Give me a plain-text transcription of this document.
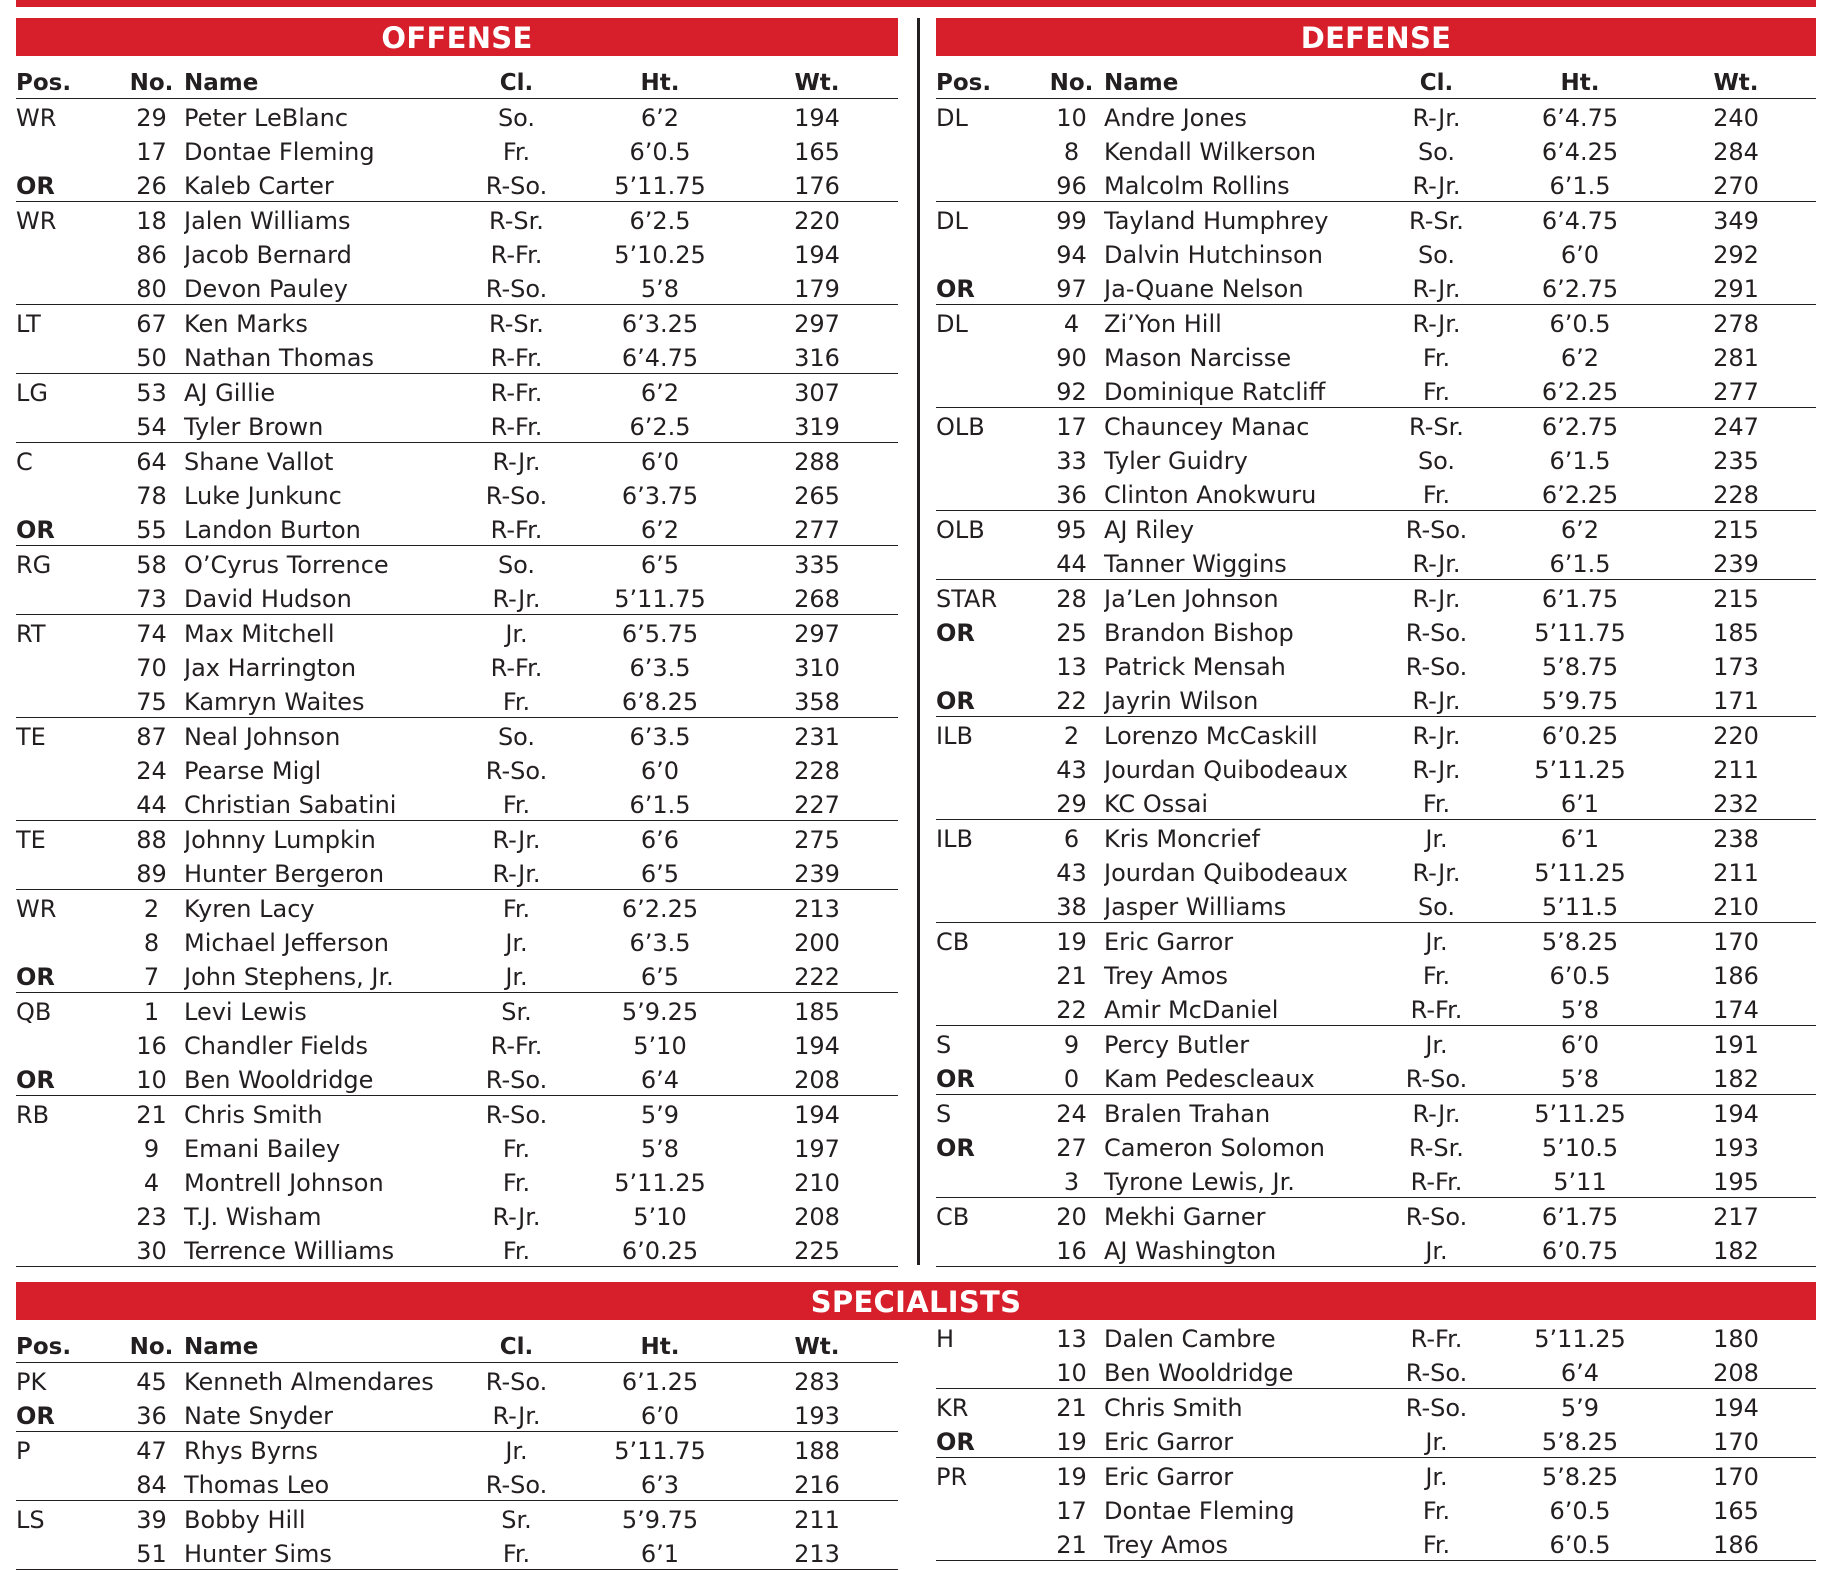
OFFENSE
Pos.	No.	Name	Cl.	Ht.	Wt.
WR	29	Peter LeBlanc	So.	6’2	194
	17	Dontae Fleming	Fr.	6’0.5	165
OR	26	Kaleb Carter	R-So.	5’11.75	176
WR	18	Jalen Williams	R-Sr.	6’2.5	220
	86	Jacob Bernard	R-Fr.	5’10.25	194
	80	Devon Pauley	R-So.	5’8	179
LT	67	Ken Marks	R-Sr.	6’3.25	297
	50	Nathan Thomas	R-Fr.	6’4.75	316
LG	53	AJ Gillie	R-Fr.	6’2	307
	54	Tyler Brown	R-Fr.	6’2.5	319
C	64	Shane Vallot	R-Jr.	6’0	288
	78	Luke Junkunc	R-So.	6’3.75	265
OR	55	Landon Burton	R-Fr.	6’2	277
RG	58	O’Cyrus Torrence	So.	6’5	335
	73	David Hudson	R-Jr.	5’11.75	268
RT	74	Max Mitchell	Jr.	6’5.75	297
	70	Jax Harrington	R-Fr.	6’3.5	310
	75	Kamryn Waites	Fr.	6’8.25	358
TE	87	Neal Johnson	So.	6’3.5	231
	24	Pearse Migl	R-So.	6’0	228
	44	Christian Sabatini	Fr.	6’1.5	227
TE	88	Johnny Lumpkin	R-Jr.	6’6	275
	89	Hunter Bergeron	R-Jr.	6’5	239
WR	2	Kyren Lacy	Fr.	6’2.25	213
	8	Michael Jefferson	Jr.	6’3.5	200
OR	7	John Stephens, Jr.	Jr.	6’5	222
QB	1	Levi Lewis	Sr.	5’9.25	185
	16	Chandler Fields	R-Fr.	5’10	194
OR	10	Ben Wooldridge	R-So.	6’4	208
RB	21	Chris Smith	R-So.	5’9	194
	9	Emani Bailey	Fr.	5’8	197
	4	Montrell Johnson	Fr.	5’11.25	210
	23	T.J. Wisham	R-Jr.	5’10	208
	30	Terrence Williams	Fr.	6’0.25	225
DEFENSE
Pos.	No.	Name	Cl.	Ht.	Wt.
DL	10	Andre Jones	R-Jr.	6’4.75	240
	8	Kendall Wilkerson	So.	6’4.25	284
	96	Malcolm Rollins	R-Jr.	6’1.5	270
DL	99	Tayland Humphrey	R-Sr.	6’4.75	349
	94	Dalvin Hutchinson	So.	6’0	292
OR	97	Ja-Quane Nelson	R-Jr.	6’2.75	291
DL	4	Zi’Yon Hill	R-Jr.	6’0.5	278
	90	Mason Narcisse	Fr.	6’2	281
	92	Dominique Ratcliff	Fr.	6’2.25	277
OLB	17	Chauncey Manac	R-Sr.	6’2.75	247
	33	Tyler Guidry	So.	6’1.5	235
	36	Clinton Anokwuru	Fr.	6’2.25	228
OLB	95	AJ Riley	R-So.	6’2	215
	44	Tanner Wiggins	R-Jr.	6’1.5	239
STAR	28	Ja’Len Johnson	R-Jr.	6’1.75	215
OR	25	Brandon Bishop	R-So.	5’11.75	185
	13	Patrick Mensah	R-So.	5’8.75	173
OR	22	Jayrin Wilson	R-Jr.	5’9.75	171
ILB	2	Lorenzo McCaskill	R-Jr.	6’0.25	220
	43	Jourdan Quibodeaux	R-Jr.	5’11.25	211
	29	KC Ossai	Fr.	6’1	232
ILB	6	Kris Moncrief	Jr.	6’1	238
	43	Jourdan Quibodeaux	R-Jr.	5’11.25	211
	38	Jasper Williams	So.	5’11.5	210
CB	19	Eric Garror	Jr.	5’8.25	170
	21	Trey Amos	Fr.	6’0.5	186
	22	Amir McDaniel	R-Fr.	5’8	174
S	9	Percy Butler	Jr.	6’0	191
OR	0	Kam Pedescleaux	R-So.	5’8	182
S	24	Bralen Trahan	R-Jr.	5’11.25	194
OR	27	Cameron Solomon	R-Sr.	5’10.5	193
	3	Tyrone Lewis, Jr.	R-Fr.	5’11	195
CB	20	Mekhi Garner	R-So.	6’1.75	217
	16	AJ Washington	Jr.	6’0.75	182
SPECIALISTS
Pos.	No.	Name	Cl.	Ht.	Wt.
PK	45	Kenneth Almendares	R-So.	6’1.25	283
OR	36	Nate Snyder	R-Jr.	6’0	193
P	47	Rhys Byrns	Jr.	5’11.75	188
	84	Thomas Leo	R-So.	6’3	216
LS	39	Bobby Hill	Sr.	5’9.75	211
	51	Hunter Sims	Fr.	6’1	213
H	13	Dalen Cambre	R-Fr.	5’11.25	180
	10	Ben Wooldridge	R-So.	6’4	208
KR	21	Chris Smith	R-So.	5’9	194
OR	19	Eric Garror	Jr.	5’8.25	170
PR	19	Eric Garror	Jr.	5’8.25	170
	17	Dontae Fleming	Fr.	6’0.5	165
	21	Trey Amos	Fr.	6’0.5	186
